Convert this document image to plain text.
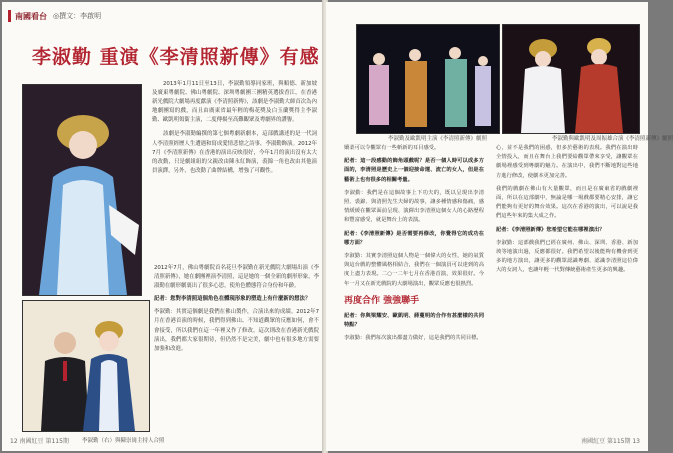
南國看台 ◎撰文：李啟明
李淑勤 重演《李清照新傳》有感
李淑勤（右）與陳崇崗主持人合照

2013年1月11日至13日，李淑勤領導同家班，與順德、新加坡及廣東粵劇院、佛山粵劇院、深圳粵劇團三團精英選拔香江，在香港新光戲院大劇場再度獻演《李清照新傳》，該劇是李淑勤大師首次為內地劇團寫的戲，而且由廣東省最年輕的梅花獎及白玉蘭獎得主李淑勤、歐凱明領銜主演，二度傳揚至高難觀眾及粵劇界的讚譽。

該劇是李淑勤編撰的第七個粵劇新劇本，這部戲講述的是一代詞人李清照經歷人生遭遇和寫成愛情悲愴之詩事，李淑勤飾演。2012年7月《李清照新傳》在香港的演出反映很好，今年1月的演出沒有太大的改動，只是劇組組的父親改由陳永紅飾演，裘錦一角也改由其他演員演繹，另外，也改動了曲牌結構，增強了可觀性。

2012年7月，佛山粵劇院首名花旦李淑勤在新光戲院大劇場出演《李清照新傳》，她在劇團裡演李清照，這是她的一個全新的劇形形象，李淑勤在劇形劇裏出了很多心思，使角色體態符合身份和年齡。

記者：您對李清照這個角色在體現形象的塑造上有什麼新的想法？

李淑勤：其實這個劇是我們在佛山製作，合演出來的成績。2012年7月在香港首演的時候，我們得到佛山、不知道觀眾的反應如何，會不會接受，所以我們在這一年裡又作了修改。這次則改在香港新光戲院演出，我們都大家很期待，但仍然不是完美，劇中也有很多地方需要加強和改進。

12 南國紅豆 第115期
李淑勤及歐凱明主演《李清照新傳》劇照	李淑勤與歐凱明及周振雄合演《李清照新傳》劇照

嬌柔可以令觀眾有一些斬新的耳目感受。

記者：這一段感動的飾角頭戲呢？是否一個人時可以成多方面的，李清照是歷史上一個迎接命運、流亡的女人，但是在藝術上也有很多的相關考量。

李淑勤：我們是在這個故事上下功夫的，既以呈現出李清照、裘錦、與清照先生夫婦的故事，讓多種情感和傷痛，感情緩緩在觀眾面前呈現、演繹出李清照這個女人的心路歷程和豐富感受，就是舞台上的表演。

記者：《李清照新傳》是否需要再修改，你覺得它的成功在哪方面？

李淑勤：其實李清照這個人物是一個偉大的女性，她的氣質與這台戲的整體風格相結合，我們在一個演員可以達到的高度上盡力表現。二○一二年七月在香港首演，效果很好。今年一月又在新光戲院的大劇場演出，觀眾反應也很熱烈。

再度合作 強強聯手

記者：你與梁耀安、歐凱明、蔣蔓明的合作有甚麼樣的共同特點？

李淑勤：我們每次演出都盡力做好，這是我們的共同目標。

心，並不是我們的困惑，但多於藝術的表現。我們在演出時全情投入，而且在舞台上我們要給觀眾帶來享受，讓觀眾在劇場裡感受到粵劇的魅力。在演出中，我們不斷地對這些地方進行修改，使劇本更加完善。

我們的戲劇在佛山有大量觀眾，而且是在廣東省的戲劇裡面，所以在這部劇中，無論是哪一場戲都要精心安排，讓它們能夠有更好的舞台效果。這次在香港的演出，可以說是我們這些年來的集大成之作。

記者：《李清照新傳》您希望它能在哪裡演出？

李淑勤：這部戲我們已經在廣州、佛山、深圳、香港、新加坡等地演出過，反應都很好。我們希望以後能夠有機會到更多的地方演出，讓更多的觀眾認識粵劇、認識李清照這位偉大的女詞人，也讓年輕一代對傳統藝術產生更多的興趣。

南國紅豆 第115期 13
